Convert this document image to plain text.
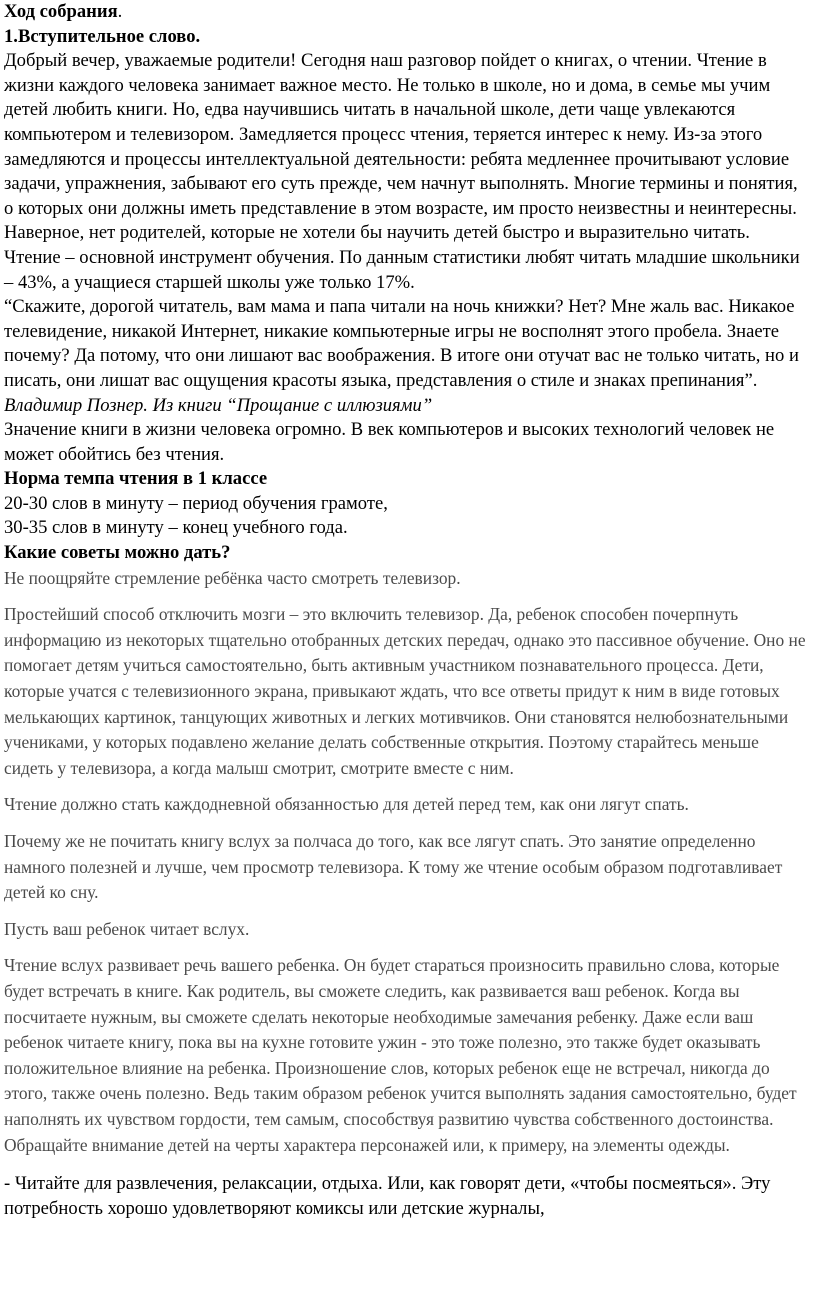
Ход собрания.

1.Вступительное слово.

Добрый вечер, уважаемые родители! Сегодня наш разговор пойдет о книгах, о чтении. Чтение в жизни каждого человека занимает важное место. Не только в школе, но и дома, в семье мы учим детей любить книги. Но, едва научившись читать в начальной школе, дети чаще увлекаются компьютером и телевизором. Замедляется процесс чтения, теряется интерес к нему. Из-за этого замедляются и процессы интеллектуальной деятельности: ребята медленнее прочитывают условие задачи, упражнения, забывают его суть прежде, чем начнут выполнять. Многие термины и понятия, о которых они должны иметь представление в этом возрасте, им просто неизвестны и неинтересны. Наверное, нет родителей, которые не хотели бы научить детей быстро и выразительно читать.

Чтение – основной инструмент обучения. По данным статистики любят читать младшие школьники – 43%, а учащиеся старшей школы уже только 17%.

“Скажите, дорогой читатель, вам мама и папа читали на ночь книжки? Нет? Мне жаль вас. Никакое телевидение, никакой Интернет, никакие компьютерные игры не восполнят этого пробела. Знаете почему? Да потому, что они лишают вас воображения. В итоге они отучат вас не только читать, но и писать, они лишат вас ощущения красоты языка, представления о стиле и знаках препинания”. Владимир Познер. Из книги “Прощание с иллюзиями”

Значение книги в жизни человека огромно. В век компьютеров и высоких технологий человек не может обойтись без чтения.

Норма темпа чтения в 1 классе

20-30 слов в минуту – период обучения грамоте,

30-35 слов в минуту – конец учебного года.

Какие советы можно дать?

Не поощряйте стремление ребёнка часто смотреть телевизор.

Простейший способ отключить мозги – это включить телевизор. Да, ребенок способен почерпнуть информацию из некоторых тщательно отобранных детских передач, однако это пассивное обучение. Оно не помогает детям учиться самостоятельно, быть активным участником познавательного процесса. Дети, которые учатся с телевизионного экрана, привыкают ждать, что все ответы придут к ним в виде готовых мелькающих картинок, танцующих животных и легких мотивчиков. Они становятся нелюбознательными учениками, у которых подавлено желание делать собственные открытия. Поэтому старайтесь меньше сидеть у телевизора, а когда малыш смотрит, смотрите вместе с ним.

Чтение должно стать каждодневной обязанностью для детей перед тем, как они лягут спать.

Почему же не почитать книгу вслух за полчаса до того, как все лягут спать. Это занятие определенно намного полезней и лучше, чем просмотр телевизора. К тому же чтение особым образом подготавливает детей ко сну.

Пусть ваш ребенок читает вслух.

Чтение вслух развивает речь вашего ребенка. Он будет стараться произносить правильно слова, которые будет встречать в книге. Как родитель, вы сможете следить, как развивается ваш ребенок. Когда вы посчитаете нужным, вы сможете сделать некоторые необходимые замечания ребенку. Даже если ваш ребенок читаете книгу, пока вы на кухне готовите ужин - это тоже полезно, это также будет оказывать положительное влияние на ребенка. Произношение слов, которых ребенок еще не встречал, никогда до этого, также очень полезно. Ведь таким образом ребенок учится выполнять задания самостоятельно, будет наполнять их чувством гордости, тем самым, способствуя развитию чувства собственного достоинства. Обращайте внимание детей на черты характера персонажей или, к примеру, на элементы одежды.

- Читайте для развлечения, релаксации, отдыха. Или, как говорят дети, «чтобы посмеяться». Эту потребность хорошо удовлетворяют комиксы или детские журналы,
